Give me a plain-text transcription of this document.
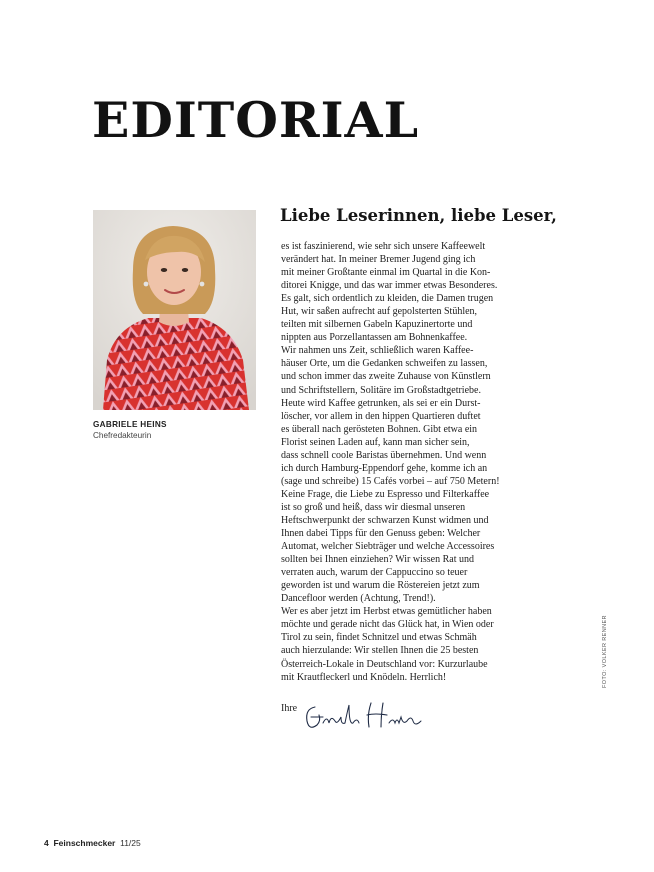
EDITORIAL
GABRIELE HEINS
Chefredakteurin
Liebe Leserinnen, liebe Leser,
es ist faszinierend, wie sehr sich unsere Kaffeewelt
verändert hat. In meiner Bremer Jugend ging ich
mit meiner Großtante einmal im Quartal in die Kon-
ditorei Knigge, und das war immer etwas Besonderes.
Es galt, sich ordentlich zu kleiden, die Damen trugen
Hut, wir saßen aufrecht auf gepolsterten Stühlen,
teilten mit silbernen Gabeln Kapuzinertorte und
nippten aus Porzellantassen am Bohnenkaffee.
Wir nahmen uns Zeit, schließlich waren Kaffee-
häuser Orte, um die Gedanken schweifen zu lassen,
und schon immer das zweite Zuhause von Künstlern
und Schriftstellern, Solitäre im Großstadtgetriebe.
Heute wird Kaffee getrunken, als sei er ein Durst-
löscher, vor allem in den hippen Quartieren duftet
es überall nach gerösteten Bohnen. Gibt etwa ein
Florist seinen Laden auf, kann man sicher sein,
dass schnell coole Baristas übernehmen. Und wenn
ich durch Hamburg-Eppendorf gehe, komme ich an
(sage und schreibe) 15 Cafés vorbei – auf 750 Metern!
Keine Frage, die Liebe zu Espresso und Filterkaffee
ist so groß und heiß, dass wir diesmal unseren
Heftschwerpunkt der schwarzen Kunst widmen und
Ihnen dabei Tipps für den Genuss geben: Welcher
Automat, welcher Siebträger und welche Accessoires
sollten bei Ihnen einziehen? Wir wissen Rat und
verraten auch, warum der Cappuccino so teuer
geworden ist und warum die Röstereien jetzt zum
Dancefloor werden (Achtung, Trend!).
Wer es aber jetzt im Herbst etwas gemütlicher haben
möchte und gerade nicht das Glück hat, in Wien oder
Tirol zu sein, findet Schnitzel und etwas Schmäh
auch hierzulande: Wir stellen Ihnen die 25 besten
Österreich-Lokale in Deutschland vor: Kurzurlaube
mit Krautfleckerl und Knödeln. Herrlich!
Ihre
FOTO: VOLKER RENNER
4 Feinschmecker 11/25
